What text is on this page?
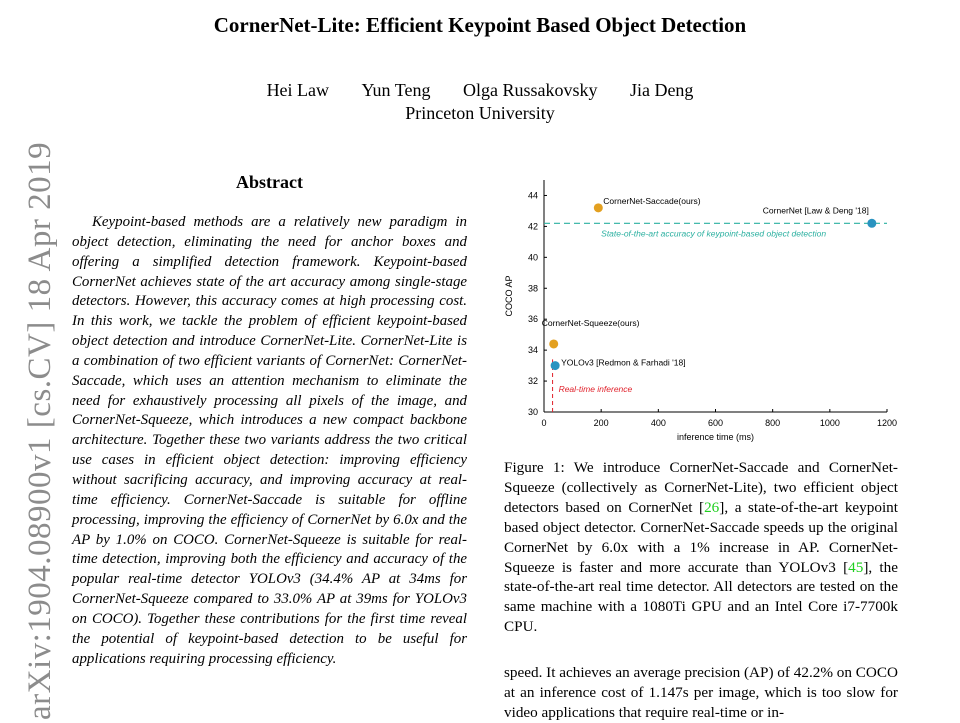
CornerNet-Lite: Efficient Keypoint Based Object Detection
Hei Law Yun Teng Olga Russakovsky Jia Deng
Princeton University
arXiv:1904.08900v1 [cs.CV] 18 Apr 2019	Abstract

Keypoint-based methods are a relatively new paradigm in object detection, eliminating the need for anchor boxes and offering a simplified detection framework. Keypoint-based CornerNet achieves state of the art accuracy among single-stage detectors. However, this accuracy comes at high processing cost. In this work, we tackle the problem of efficient keypoint-based object detection and introduce CornerNet-Lite. CornerNet-Lite is a combination of two efficient variants of CornerNet: CornerNet-Saccade, which uses an attention mechanism to eliminate the need for exhaustively processing all pixels of the image, and CornerNet-Squeeze, which introduces a new compact backbone architecture. Together these two variants address the two critical use cases in efficient object detection: improving efficiency without sacrificing accuracy, and improving accuracy at real-time efficiency. CornerNet-Saccade is suitable for offline processing, improving the efficiency of CornerNet by 6.0x and the AP by 1.0% on COCO. CornerNet-Squeeze is suitable for real-time detection, improving both the efficiency and accuracy of the popular real-time detector YOLOv3 (34.4% AP at 34ms for CornerNet-Squeeze compared to 33.0% AP at 39ms for YOLOv3 on COCO). Together these contributions for the first time reveal the potential of keypoint-based detection to be useful for applications requiring processing efficiency.

0	200	400	600	800	1000	1200
30
32
34
36
38
40
42
44
inference time (ms)
COCO AP
State-of-the-art accuracy of keypoint-based object detection
Real-time inference
CornerNet-Saccade(ours)
CornerNet [Law & Deng '18]
CornerNet-Squeeze(ours)
YOLOv3 [Redmon & Farhadi '18]

Figure 1: We introduce CornerNet-Saccade and CornerNet-Squeeze (collectively as CornerNet-Lite), two efficient object detectors based on CornerNet [26], a state-of-the-art keypoint based object detector. CornerNet-Saccade speeds up the original CornerNet by 6.0x with a 1% increase in AP. CornerNet-Squeeze is faster and more accurate than YOLOv3 [45], the state-of-the-art real time detector. All detectors are tested on the same machine with a 1080Ti GPU and an Intel Core i7-7700k CPU.

speed. It achieves an average precision (AP) of 42.2% on COCO at an inference cost of 1.147s per image, which is too slow for video applications that require real-time or in-
